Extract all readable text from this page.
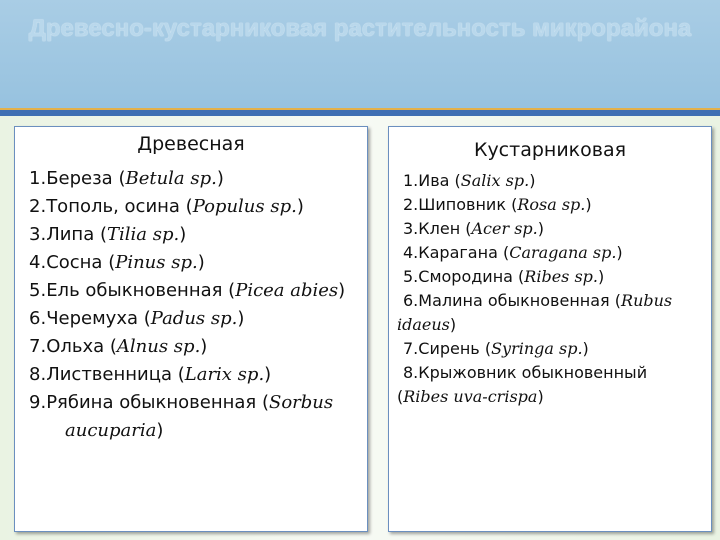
Древесно-кустарниковая растительность микрорайона
Древесная
1.Береза (Betula sp.)
2.Тополь, осина (Populus sp.)
3.Липа (Tilia sp.)
4.Сосна (Pinus sp.)
5.Ель обыкновенная (Picea abies)
6.Черемуха (Padus sp.)
7.Ольха (Alnus sp.)
8.Лиственница (Larix sp.)
9.Рябина обыкновенная (Sorbus aucuparia)
Кустарниковая
1.Ива (Salix sp.)
2.Шиповник (Rosa sp.)
3.Клен (Acer sp.)
4.Карагана (Caragana sp.)
5.Смородина (Ribes sp.)
6.Малина обыкновенная (Rubus idaeus)
7.Сирень (Syringa sp.)
8.Крыжовник обыкновенный (Ribes uva-crispa)
